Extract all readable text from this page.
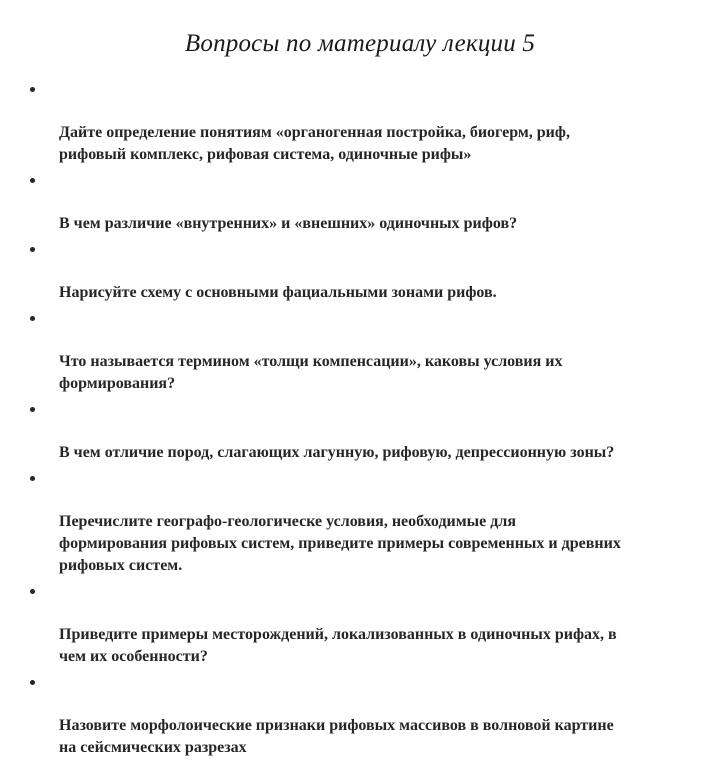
Вопросы по материалу лекции 5

Дайте определение понятиям «органогенная постройка, биогерм, риф,
рифовый комплекс, рифовая система, одиночные рифы»

В чем различие «внутренних» и «внешних» одиночных рифов?

Нарисуйте схему с основными фациальными зонами рифов.

Что называется термином «толщи компенсации», каковы условия их
формирования?

В чем отличие пород, слагающих лагунную, рифовую, депрессионную зоны?

Перечислите географо-геологическе условия, необходимые для
формирования рифовых систем, приведите примеры современных и древних
рифовых систем.

Приведите примеры месторождений, локализованных в одиночных рифах, в
чем их особенности?

Назовите морфолоические признаки рифовых массивов в волновой картине
на сейсмических разрезах
